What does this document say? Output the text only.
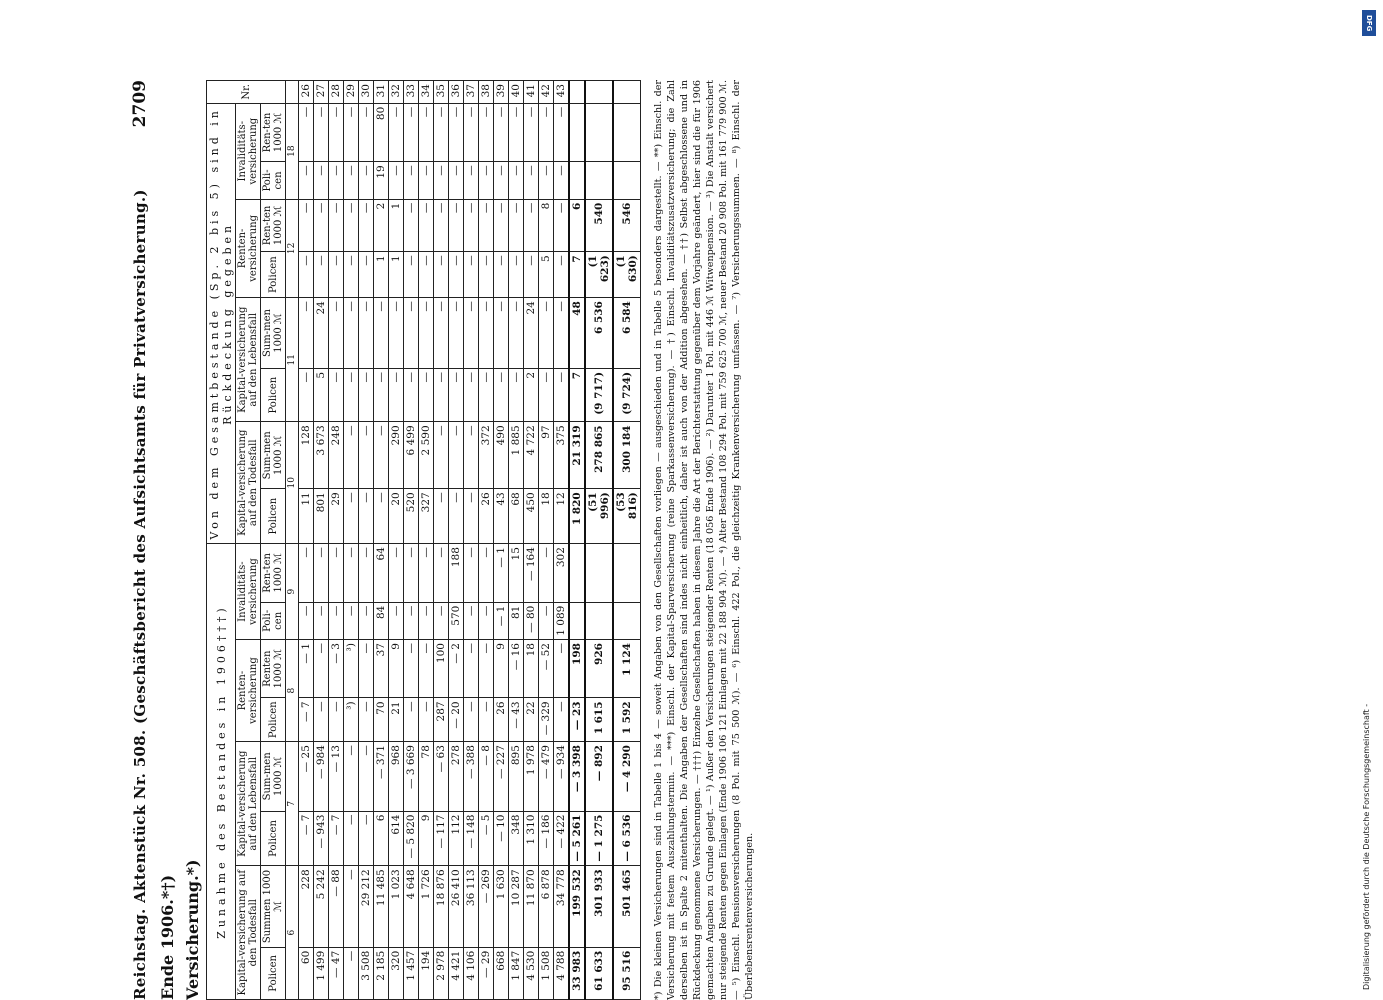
Reichstag. Aktenstück Nr. 508. (Geschäftsbericht des Aufsichtsamts für Privatversicherung.)
2709
Ende 1906.*†) Versicherung.*) Zunahme des Bestandes in 1906†††)								Von dem Gesamtbestande (Sp. 2 bis 5) sind in Rückdeckung gegeben								Nr.
Kapital-versicherung auf den Todesfall		Kapital-versicherung auf den Lebensfall		Renten-versicherung		Invaliditäts-versicherung		Kapital-versicherung auf den Todesfall		Kapital-versicherung auf den Lebensfall		Renten-versicherung		Invaliditäts-versicherung		
Policen	Summen 1000 ℳ	Policen	Sum-men 1000 ℳ	Policen	Renten 1000 ℳ	Poli-cen	Ren-ten 1000 ℳ	Policen	Sum-men 1000 ℳ	Policen	Sum-men 1000 ℳ	Policen	Ren-ten 1000 ℳ	Poli-cen	Ren-ten 1000 ℳ	
6		7		8		9		10		11		12		18		
60	228	— 7	— 25	— 7	— 1	—	—	11	128	—	—	—	—	—	—	26
1 499	5 242	— 943	— 984	—	—	—	—	801	3 673	5	24	—	—	—	—	27
— 47	— 88	— 7	— 13	—	— 3	—	—	29	248	—	—	—	—	—	—	28
—	—	—	—	³)	³)	—	—	—	—	—	—	—	—	—	—	29
3 508	29 212	—	—	—	—	—	—	—	—	—	—	—	—	—	—	30
2 185	11 485	6	— 371	70	37	84	64	—	—	—	—	1	2	19	80	31
320	1 023	614	968	21	9	—	—	20	290	—	—	1	1	—	—	32
1 457	4 648	— 5 820	— 3 669	—	—	—	—	520	6 499	—	—	—	—	—	—	33
194	1 726	9	78	—	—	—	—	327	2 590	—	—	—	—	—	—	34
2 978	18 876	— 117	— 63	287	100	—	—	—	—	—	—	—	—	—	—	35
4 421	26 410	112	278	— 20	— 2	570	188	—	—	—	—	—	—	—	—	36
4 106	36 113	— 148	— 388	—	—	—	—	—	—	—	—	—	—	—	—	37
— 29	— 269	— 5	— 8	—	—	—	—	26	372	—	—	—	—	—	—	38
668	1 630	— 10	— 227	26	9	— 1	— 1	43	490	—	—	—	—	—	—	39
1 847	10 287	348	895	— 43	— 16	81	15	68	1 885	—	—	—	—	—	—	40
4 530	11 870	1 310	1 978	22	18	— 80	— 164	450	4 722	2	24	—	—	—	—	41
1 508	6 878	— 186	— 479	— 329	— 52	—	—	18	97	—	—	5	8	—	—	42
4 788	34 778	— 422	— 934	—	—	1 089	302	12	375	—	—	—	—	—	—	43
33 983	199 532	— 5 261	— 3 398	— 23	198			1 820	21 319	7	48	7	6			
61 633	301 933	— 1 275	— 892	1 615	926			(51 996)	278 865	(9 717)	6 536	(1 623)	540			
95 516	501 465	— 6 536	— 4 290	1 592	1 124			(53 816)	300 184	(9 724)	6 584	(1 630)	546			*) Die kleinen Versicherungen sind in Tabelle 1 bis 4 — soweit Angaben von den Gesellschaften vorliegen — ausgeschieden und in Tabelle 5 besonders dargestellt. — **) Einschl. der Versicherung mit festem Auszahlungstermin. — ***) Einschl. der Kapital-Sparversicherung (reine Sparkassenversicherung). — †) Einschl. Invaliditätszusatzversicherung; die Zahl derselben ist in Spalte 2 mitenthalten. Die Angaben der Gesellschaften sind indes nicht einheitlich, daher ist auch von der Addition abgesehen. — ††) Selbst abgeschlossene und in Rückdeckung genommene Versicherungen. — †††) Einzelne Gesellschaften haben in diesem Jahre die Art der Berichterstattung gegenüber dem Vorjahre geändert, hier sind die für 1906 gemachten Angaben zu Grunde gelegt. — ¹) Außer den Versicherungen steigender Renten (18 056 Ende 1906). — ²) Darunter 1 Pol. mit 446 ℳ Witwenpension. — ³) Die Anstalt versichert nur steigende Renten gegen Einlagen (Ende 1906 106 121 Einlagen mit 22 188 904 ℳ). — ⁴) Alter Bestand 108 294 Pol. mit 759 625 700 ℳ, neuer Bestand 20 908 Pol. mit 161 779 900 ℳ. — ⁵) Einschl. Pensionsversicherungen (8 Pol. mit 75 500 ℳ). — ⁶) Einschl. 422 Pol., die gleichzeitig Krankenversicherung umfassen. — ⁷) Versicherungssummen. — ⁸) Einschl. der Überlebensrentenversicherungen.
DFG
Digitalisierung gefördert durch die Deutsche Forschungsgemeinschaft -
